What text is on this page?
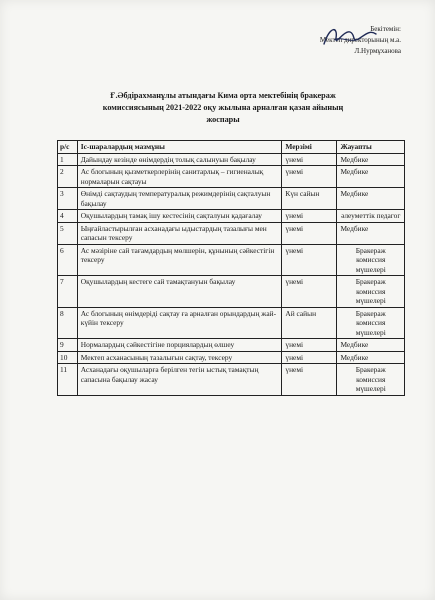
Бекітемін:
Мектеп директорының м.а.
Л.Нурмұханова
Ғ.Әбдірахманұлы атындағы Кима орта мектебінің бракераж
комиссиясының 2021-2022 оқу жылына арналған қазан айының
жоспары
р/с	Іс-шаралардың мазмұны	Мерзімі	Жауапты
1	Дайындау кезінде өнімдердің толық салынуын бақылау	үнемі	Медбике
2	Ас блогының қызметкерлерінің санитарлық – гигиеналық нормаларын сақтауы	үнемі	Медбике
3	Өнімді сақтаудың температуралық режимдерінің сақталуын бақылау	Күн сайын	Медбике
4	Оқушылардың тамақ ішу кестесінің сақталуын қадағалау	үнемі	әлеуметтік педагог
5	Ыңғайластырылған асханадағы ыдыстардың тазалығы мен сапасын тексеру	үнемі	Медбике
6	Ас мәзіріне сай тағамдардың мөлшерін, құнының сәйкестігін тексеру	үнемі	Бракераж комиссия мүшелері
7	Оқушылардың кестеге сай тамақтануын бақылау	үнемі	Бракераж комиссия мүшелері
8	Ас блогының өнімдеріді сақтау ға арналған орындардың жай-күйін тексеру	Ай сайын	Бракераж комиссия мүшелері
9	Нормалардың сәйкестігіне порциялардың өлшеу	үнемі	Медбике
10	Мектеп асханасының тазалығын сақтау, тексеру	үнемі	Медбике
11	Асханадағы оқушыларға берілген тегін ыстық тамақтың сапасына бақылау жасау	үнемі	Бракераж комиссия мүшелері
